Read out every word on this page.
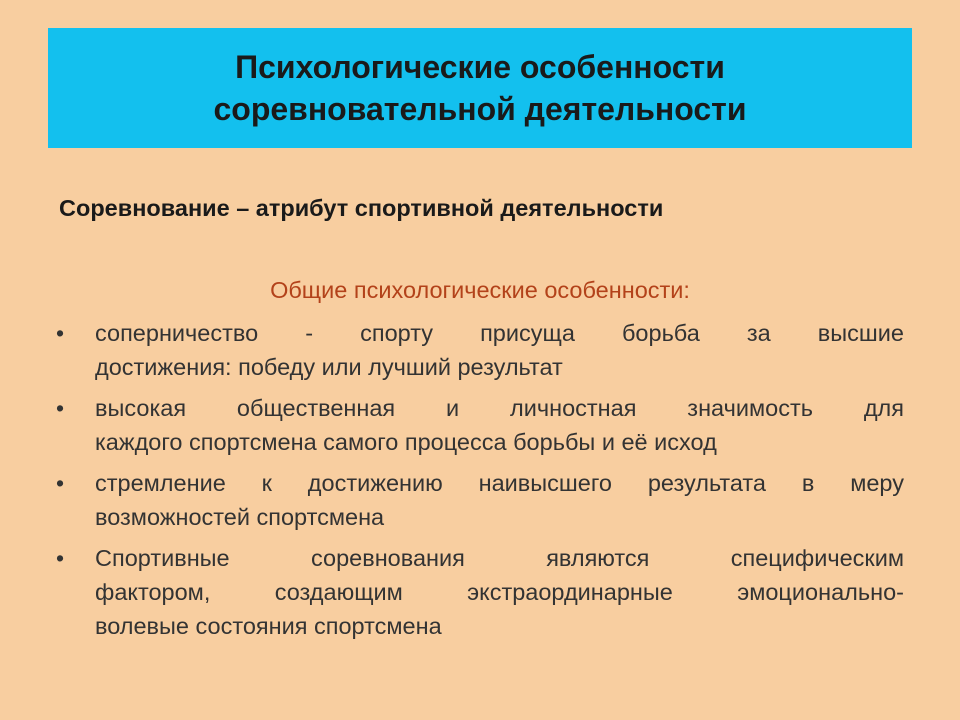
Психологические особенности
соревновательной деятельности
Соревнование – атрибут спортивной деятельности
Общие психологические особенности:
• соперничество - спорту присуща борьба за высшие
достижения: победу или лучший результат
• высокая общественная и личностная значимость для
каждого спортсмена самого процесса борьбы и её исход
• стремление к достижению наивысшего результата в меру
возможностей спортсмена
• Спортивные	соревнования	являются	специфическим
фактором,	создающим	экстраординарные	эмоционально-
волевые состояния спортсмена
